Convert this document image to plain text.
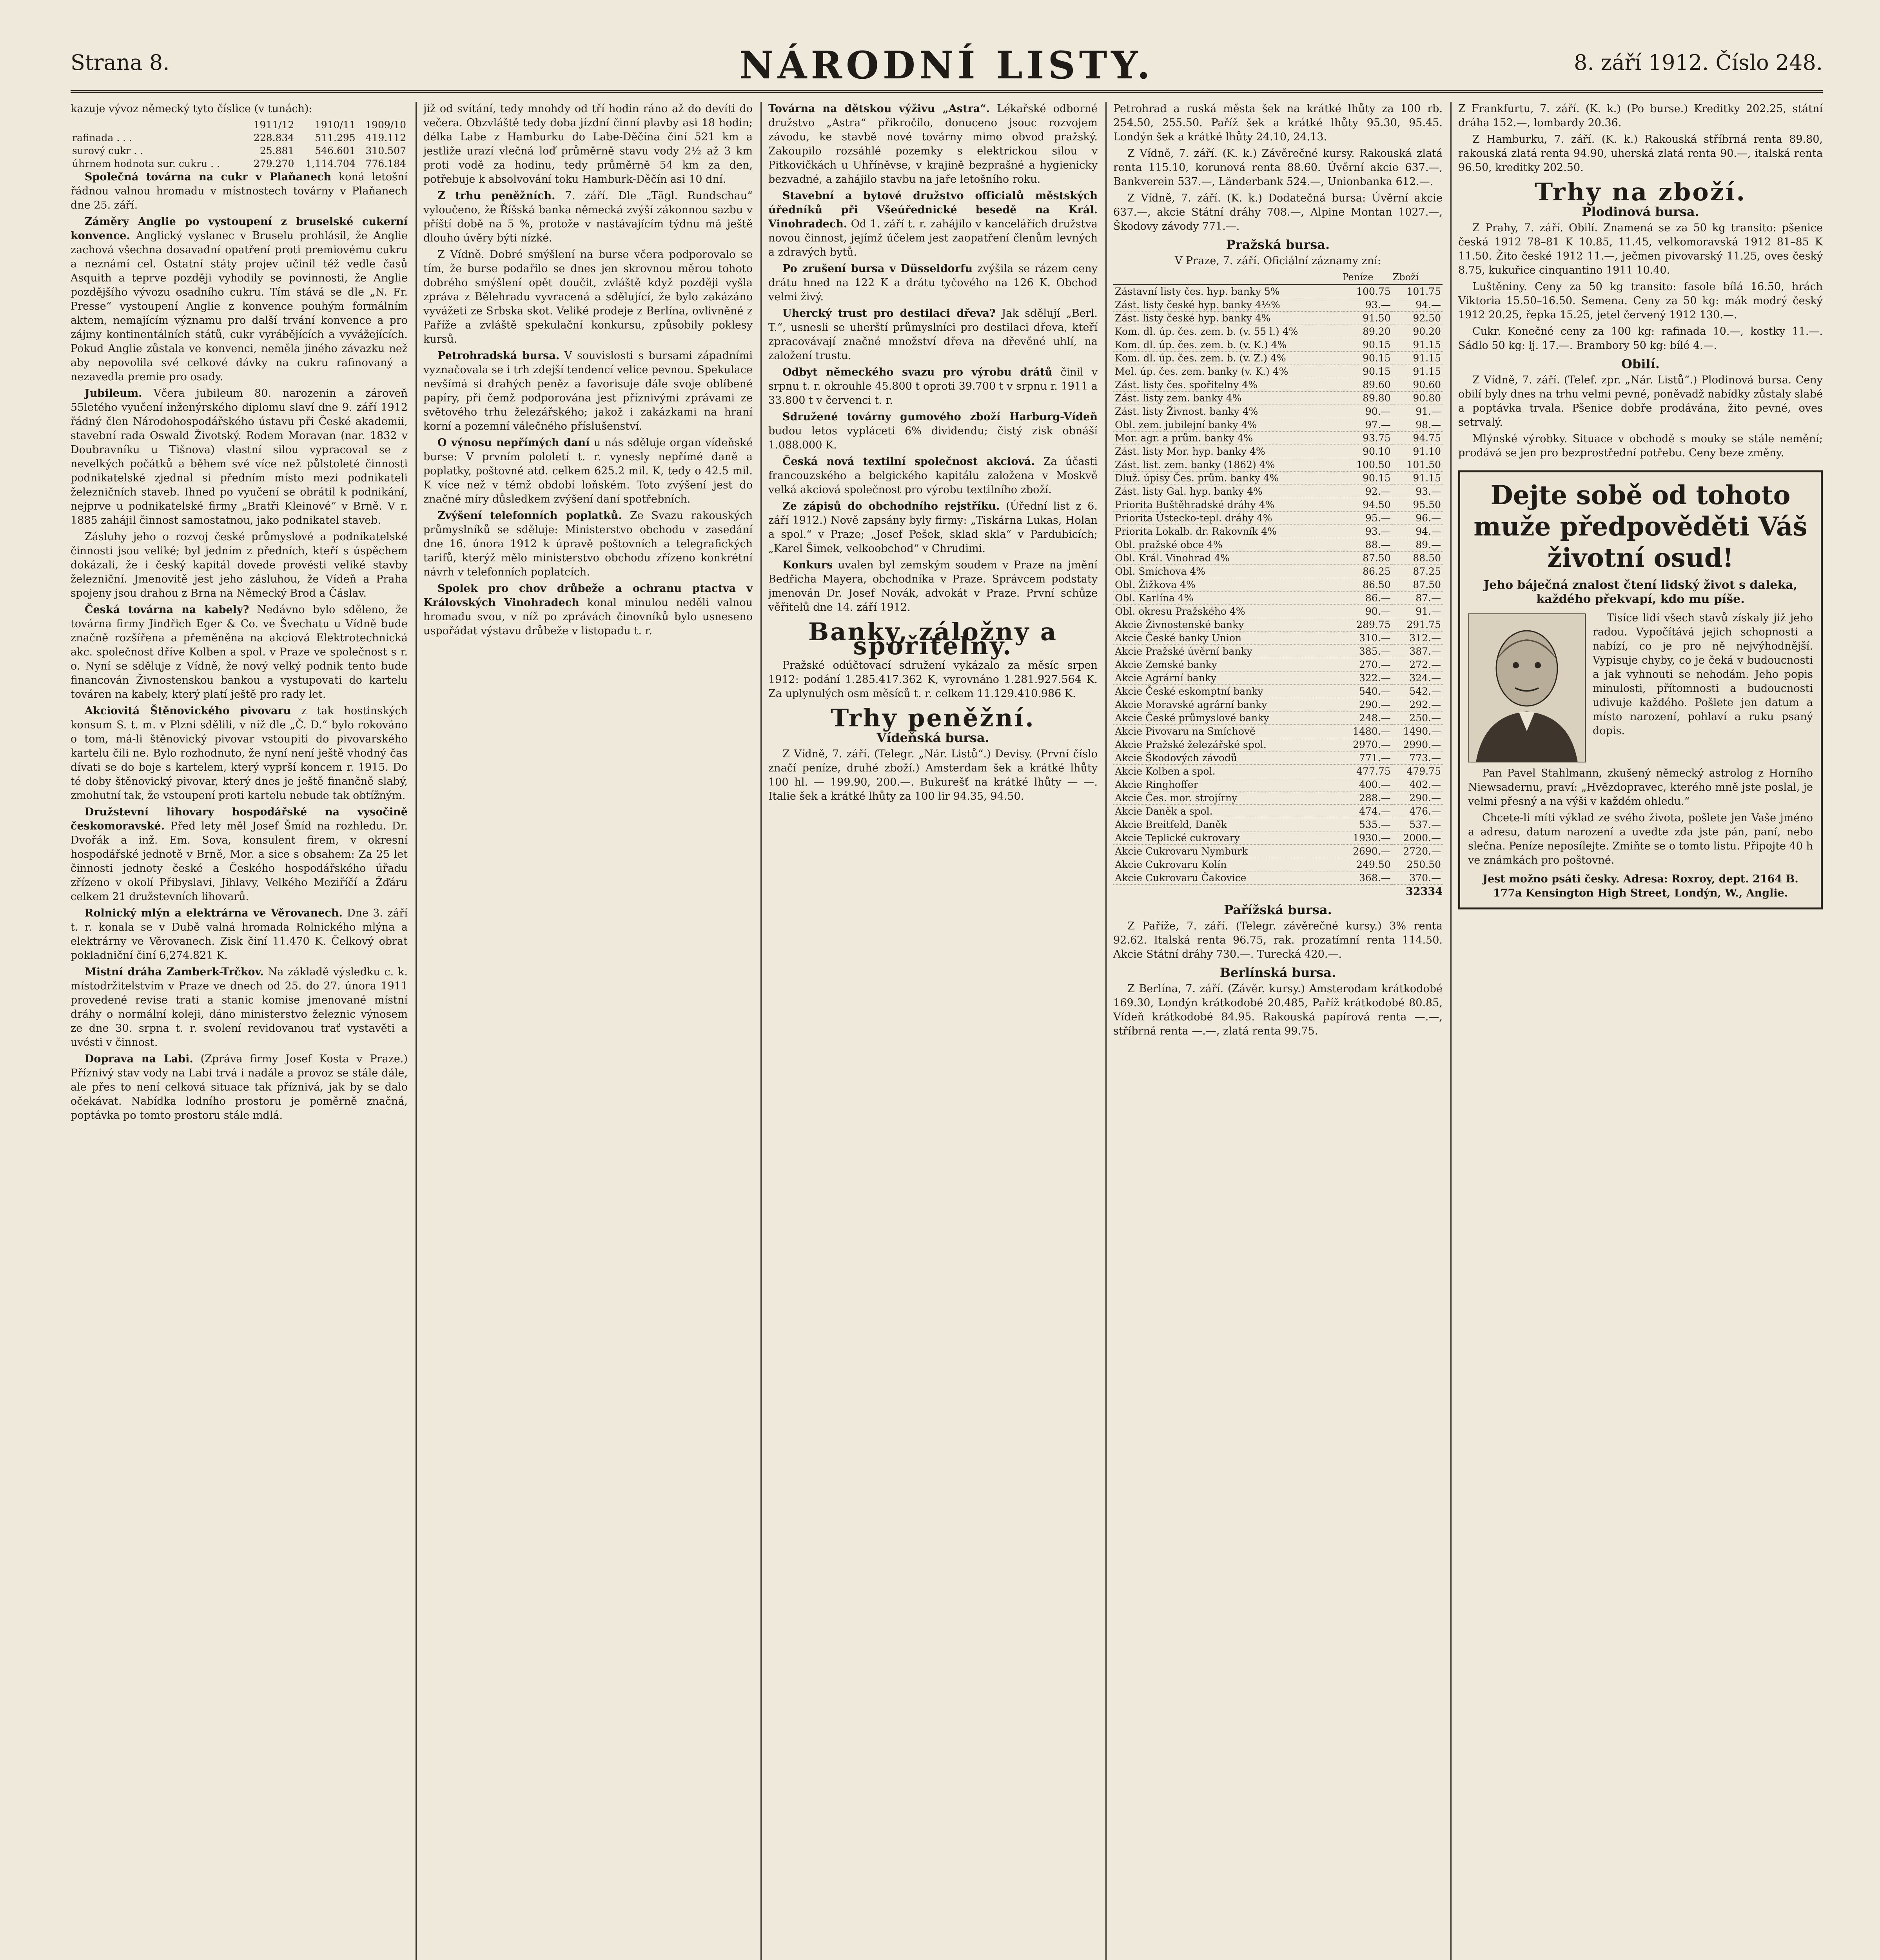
Strana 8.	NÁRODNÍ LISTY.	8. září 1912. Číslo 248.

kazuje vývoz německý tyto číslice (v tunách):

	1911/12	1910/11	1909/10
rafinada . . .	228.834	511.295	419.112
surový cukr . .	25.881	546.601	310.507
úhrnem hodnota sur. cukru . .	279.270	1,114.704	776.184

Společná továrna na cukr v Plaňanech koná letošní řádnou valnou hromadu v místnostech továrny v Plaňanech dne 25. září.

Záměry Anglie po vystoupení z bruselské cukerní konvence. Anglický vyslanec v Bruselu prohlásil, že Anglie zachová všechna dosavadní opatření proti premiovému cukru a neznámí cel. Ostatní státy projev učinil též vedle časů Asquith a teprve později vyhodily se povinnosti, že Anglie pozdějšího vývozu osadního cukru. Tím stává se dle „N. Fr. Presse“ vystoupení Anglie z konvence pouhým formálním aktem, nemajícím významu pro další trvání konvence a pro zájmy kontinentálních států, cukr vyrábějících a vyvážejících. Pokud Anglie zůstala ve konvenci, neměla jiného závazku než aby nepovolila své celkové dávky na cukru rafinovaný a nezavedla premie pro osady.

Jubileum. Včera jubileum 80. narozenin a zároveň 55letého vyučení inženýrského diplomu slaví dne 9. září 1912 řádný člen Národohospodářského ústavu při České akademii, stavební rada Oswald Životský. Rodem Moravan (nar. 1832 v Doubravníku u Tišnova) vlastní silou vypracoval se z nevelkých počátků a během své více než půlstoleté činnosti podnikatelské zjednal si předním místo mezi podnikateli železničních staveb. Ihned po vyučení se obrátil k podnikání, nejprve u podnikatelské firmy „Bratři Kleinové“ v Brně. V r. 1885 zahájil činnost samostatnou, jako podnikatel staveb.

Zásluhy jeho o rozvoj české průmyslové a podnikatelské činnosti jsou veliké; byl jedním z předních, kteří s úspěchem dokázali, že i český kapitál dovede provésti veliké stavby železniční. Jmenovitě jest jeho zásluhou, že Vídeň a Praha spojeny jsou drahou z Brna na Německý Brod a Čáslav.

Česká továrna na kabely? Nedávno bylo sděleno, že továrna firmy Jindřich Eger & Co. ve Švechatu u Vídně bude značně rozšířena a přeměněna na akciová Elektrotechnická akc. společnost dříve Kolben a spol. v Praze ve společnost s r. o. Nyní se sděluje z Vídně, že nový velký podnik tento bude financován Živnostenskou bankou a vystupovati do kartelu továren na kabely, který platí ještě pro rady let.

Akciovitá Štěnovického pivovaru z tak hostinských konsum S. t. m. v Plzni sdělili, v níž dle „Č. D.“ bylo rokováno o tom, má-li štěnovický pivovar vstoupiti do pivovarského kartelu čili ne. Bylo rozhodnuto, že nyní není ještě vhodný čas dívati se do boje s kartelem, který vyprší koncem r. 1915. Do té doby štěnovický pivovar, který dnes je ještě finančně slabý, zmohutní tak, že vstoupení proti kartelu nebude tak obtížným.

Družstevní lihovary hospodářské na vysočině českomoravské. Před lety měl Josef Šmíd na rozhledu. Dr. Dvořák a inž. Em. Sova, konsulent firem, v okresní hospodářské jednotě v Brně, Mor. a sice s obsahem: Za 25 let činnosti jednoty české a Českého hospodářského úřadu zřízeno v okolí Přibyslavi, Jihlavy, Velkého Meziříčí a Žďáru celkem 21 družstevních lihovarů.

Rolnický mlýn a elektrárna ve Věrovanech. Dne 3. září t. r. konala se v Dubě valná hromada Rolnického mlýna a elektrárny ve Věrovanech. Zisk činí 11.470 K. Čelkový obrat pokladniční činí 6,274.821 K.

Mistní dráha Zamberk-Trčkov. Na základě výsledku c. k. místodržitelstvím v Praze ve dnech od 25. do 27. února 1911 provedené revise trati a stanic komise jmenované místní dráhy o normální koleji, dáno ministerstvo železnic výnosem ze dne 30. srpna t. r. svolení revidovanou trať vystavěti a uvésti v činnost.

Doprava na Labi. (Zpráva firmy Josef Kosta v Praze.) Příznivý stav vody na Labi trvá i nadále a provoz se stále dále, ale přes to není celková situace tak příznivá, jak by se dalo očekávat. Nabídka lodního prostoru je poměrně značná, poptávka po tomto prostoru stále mdlá.

již od svítání, tedy mnohdy od tří hodin ráno až do devíti do večera. Obzvláště tedy doba jízdní činní plavby asi 18 hodin; délka Labe z Hamburku do Labe-Děčína činí 521 km a jestliže urazí vlečná loď průměrně stavu vody 2½ až 3 km proti vodě za hodinu, tedy průměrně 54 km za den, potřebuje k absolvování toku Hamburk-Děčín asi 10 dní.

Z trhu peněžních. 7. září. Dle „Tägl. Rundschau“ vyloučeno, že Říšská banka německá zvýší zákonnou sazbu v příští době na 5 %, protože v nastávajícím týdnu má ještě dlouho úvěry býti nízké.

Z Vídně. Dobré smýšlení na burse včera podporovalo se tím, že burse podařilo se dnes jen skrovnou měrou tohoto dobrého smýšlení opět doučit, zvláště když později vyšla zpráva z Bělehradu vyvracená a sdělující, že bylo zakázáno vyvážeti ze Srbska skot. Veliké prodeje z Berlína, ovlivněné z Paříže a zvláště spekulační konkursu, způsobily poklesy kursů.

Petrohradská bursa. V souvislosti s bursami západními vyznačovala se i trh zdejší tendencí velice pevnou. Spekulace nevšímá si drahých peněz a favorisuje dále svoje oblíbené papíry, při čemž podporována jest příznivými zprávami ze světového trhu železářského; jakož i zakázkami na hraní korní a pozemní válečného příslušenství.

O výnosu nepřímých daní u nás sděluje organ vídeňské burse: V prvním pololetí t. r. vynesly nepřímé daně a poplatky, poštovné atd. celkem 625.2 mil. K, tedy o 42.5 mil. K více než v témž období loňském. Toto zvýšení jest do značné míry důsledkem zvýšení daní spotřebních.

Zvýšení telefonních poplatků. Ze Svazu rakouských průmyslníků se sděluje: Ministerstvo obchodu v zasedání dne 16. února 1912 k úpravě poštovních a telegrafických tarifů, kterýž mělo ministerstvo obchodu zřízeno konkrétní návrh v telefonních poplatcích.

Spolek pro chov drůbeže a ochranu ptactva v Královských Vinohradech konal minulou neděli valnou hromadu svou, v níž po zprávách činovníků bylo usneseno uspořádat výstavu drůbeže v listopadu t. r.

Továrna na dětskou výživu „Astra“. Lékařské odborné družstvo „Astra“ přikročilo, donuceno jsouc rozvojem závodu, ke stavbě nové továrny mimo obvod pražský. Zakoupilo rozsáhlé pozemky s elektrickou silou v Pitkovičkách u Uhříněvse, v krajině bezprašné a hygienicky bezvadné, a zahájilo stavbu na jaře letošního roku.

Stavební a bytové družstvo officialů městských úředníků při Všeúřednické besedě na Král. Vinohradech. Od 1. září t. r. zahájilo v kancelářích družstva novou činnost, jejímž účelem jest zaopatření členům levných a zdravých bytů.

Po zrušení bursa v Düsseldorfu zvýšila se rázem ceny drátu hned na 122 K a drátu tyčového na 126 K. Obchod velmi živý.

Uhercký trust pro destilaci dřeva? Jak sdělují „Berl. T.“, usnesli se uherští průmyslníci pro destilaci dřeva, kteří zpracovávají značné množství dřeva na dřevěné uhlí, na založení trustu.

Odbyt německého svazu pro výrobu drátů činil v srpnu t. r. okrouhle 45.800 t oproti 39.700 t v srpnu r. 1911 a 33.800 t v červenci t. r.

Sdružené továrny gumového zboží Harburg-Vídeň budou letos vypláceti 6% dividendu; čistý zisk obnáší 1.088.000 K.

Česká nová textilní společnost akciová. Za účasti francouzského a belgického kapitálu založena v Moskvě velká akciová společnost pro výrobu textilního zboží.

Ze zápisů do obchodního rejstříku. (Úřední list z 6. září 1912.) Nově zapsány byly firmy: „Tiskárna Lukas, Holan a spol.“ v Praze; „Josef Pešek, sklad skla“ v Pardubicích; „Karel Šimek, velkoobchod“ v Chrudimi.

Konkurs uvalen byl zemským soudem v Praze na jmění Bedřicha Mayera, obchodníka v Praze. Správcem podstaty jmenován Dr. Josef Novák, advokát v Praze. První schůze věřitelů dne 14. září 1912.

Banky, záložny a spořitelny.

Pražské odúčtovací sdružení vykázalo za měsíc srpen 1912: podání 1.285.417.362 K, vyrovnáno 1.281.927.564 K. Za uplynulých osm měsíců t. r. celkem 11.129.410.986 K.

Trhy peněžní.
Vídeňská bursa.

Z Vídně, 7. září. (Telegr. „Nár. Listů“.) Devisy. (První číslo značí peníze, druhé zboží.) Amsterdam šek a krátké lhůty 100 hl. — 199.90, 200.—. Bukurešť na krátké lhůty — —. Italie šek a krátké lhůty za 100 lir 94.35, 94.50.

Petrohrad a ruská města šek na krátké lhůty za 100 rb. 254.50, 255.50. Paříž šek a krátké lhůty 95.30, 95.45. Londýn šek a krátké lhůty 24.10, 24.13.

Z Vídně, 7. září. (K. k.) Závěrečné kursy. Rakouská zlatá renta 115.10, korunová renta 88.60. Úvěrní akcie 637.—, Bankverein 537.—, Länderbank 524.—, Unionbanka 612.—.

Z Vídně, 7. září. (K. k.) Dodatečná bursa: Úvěrní akcie 637.—, akcie Státní dráhy 708.—, Alpine Montan 1027.—, Škodovy závody 771.—.

Pražská bursa.

V Praze, 7. září. Oficiální záznamy zní:

	Peníze	Zboží
Zástavní listy čes. hyp. banky 5%	100.75	101.75
Zást. listy české hyp. banky 4½%	93.—	94.—
Zást. listy české hyp. banky 4%	91.50	92.50
Kom. dl. úp. čes. zem. b. (v. 55 l.) 4%	89.20	90.20
Kom. dl. úp. čes. zem. b. (v. K.) 4%	90.15	91.15
Kom. dl. úp. čes. zem. b. (v. Z.) 4%	90.15	91.15
Mel. úp. čes. zem. banky (v. K.) 4%	90.15	91.15
Zást. listy čes. spořitelny 4%	89.60	90.60
Zást. listy zem. banky 4%	89.80	90.80
Zást. listy Živnost. banky 4%	90.—	91.—
Obl. zem. jubilejní banky 4%	97.—	98.—
Mor. agr. a prům. banky 4%	93.75	94.75
Zást. listy Mor. hyp. banky 4%	90.10	91.10
Zást. list. zem. banky (1862) 4%	100.50	101.50
Dluž. úpisy Čes. prům. banky 4%	90.15	91.15
Zást. listy Gal. hyp. banky 4%	92.—	93.—
Priorita Buštěhradské dráhy 4%	94.50	95.50
Priorita Ústecko-tepl. dráhy 4%	95.—	96.—
Priorita Lokalb. dr. Rakovník 4%	93.—	94.—
Obl. pražské obce 4%	88.—	89.—
Obl. Král. Vinohrad 4%	87.50	88.50
Obl. Smíchova 4%	86.25	87.25
Obl. Žižkova 4%	86.50	87.50
Obl. Karlína 4%	86.—	87.—
Obl. okresu Pražského 4%	90.—	91.—
Akcie Živnostenské banky	289.75	291.75
Akcie České banky Union	310.—	312.—
Akcie Pražské úvěrní banky	385.—	387.—
Akcie Zemské banky	270.—	272.—
Akcie Agrární banky	322.—	324.—
Akcie České eskomptní banky	540.—	542.—
Akcie Moravské agrární banky	290.—	292.—
Akcie České průmyslové banky	248.—	250.—
Akcie Pivovaru na Smíchově	1480.—	1490.—
Akcie Pražské železářské spol.	2970.—	2990.—
Akcie Škodových závodů	771.—	773.—
Akcie Kolben a spol.	477.75	479.75
Akcie Ringhoffer	400.—	402.—
Akcie Čes. mor. strojírny	288.—	290.—
Akcie Daněk a spol.	474.—	476.—
Akcie Breitfeld, Daněk	535.—	537.—
Akcie Teplické cukrovary	1930.—	2000.—
Akcie Cukrovaru Nymburk	2690.—	2720.—
Akcie Cukrovaru Kolín	249.50	250.50
Akcie Cukrovaru Čakovice	368.—	370.—

32334

Pařížská bursa.

Z Paříže, 7. září. (Telegr. závěrečné kursy.) 3% renta 92.62. Italská renta 96.75, rak. prozatímní renta 114.50. Akcie Státní dráhy 730.—. Turecká 420.—.

Berlínská bursa.

Z Berlína, 7. září. (Závěr. kursy.) Amsterodam krátkodobé 169.30, Londýn krátkodobé 20.485, Paříž krátkodobé 80.85, Vídeň krátkodobé 84.95. Rakouská papírová renta —.—, stříbrná renta —.—, zlatá renta 99.75.

Z Frankfurtu, 7. září. (K. k.) (Po burse.) Kreditky 202.25, státní dráha 152.—, lombardy 20.36.

Z Hamburku, 7. září. (K. k.) Rakouská stříbrná renta 89.80, rakouská zlatá renta 94.90, uherská zlatá renta 90.—, italská renta 96.50, kreditky 202.50.

Trhy na zboží.
Plodinová bursa.

Z Prahy, 7. září. Obilí. Znamená se za 50 kg transito: pšenice česká 1912 78–81 K 10.85, 11.45, velkomoravská 1912 81–85 K 11.50. Žito české 1912 11.—, ječmen pivovarský 11.25, oves český 8.75, kukuřice cinquantino 1911 10.40.

Luštěniny. Ceny za 50 kg transito: fasole bílá 16.50, hrách Viktoria 15.50–16.50. Semena. Ceny za 50 kg: mák modrý český 1912 20.25, řepka 15.25, jetel červený 1912 130.—.

Cukr. Konečné ceny za 100 kg: rafinada 10.—, kostky 11.—. Sádlo 50 kg: lj. 17.—. Brambory 50 kg: bílé 4.—.

Obilí.

Z Vídně, 7. září. (Telef. zpr. „Nár. Listů“.) Plodinová bursa. Ceny obilí byly dnes na trhu velmi pevné, poněvadž nabídky zůstaly slabé a poptávka trvala. Pšenice dobře prodávána, žito pevné, oves setrvalý.

Mlýnské výrobky. Situace v obchodě s mouky se stále nemění; prodává se jen pro bezprostřední potřebu. Ceny beze změny.

Dejte sobě od tohoto muže předpověděti Váš životní osud!
Jeho báječná znalost čtení lidský život s daleka, každého překvapí, kdo mu píše.

Tisíce lidí všech stavů získaly již jeho radou. Vypočítává jejich schopnosti a nabízí, co je pro ně nejvýhodnější. Vypisuje chyby, co je čeká v budoucnosti a jak vyhnouti se nehodám. Jeho popis minulosti, přítomnosti a budoucnosti udivuje každého. Pošlete jen datum a místo narození, pohlaví a ruku psaný dopis.

Pan Pavel Stahlmann, zkušený německý astrolog z Horního Niewsadernu, praví: „Hvězdopravec, kterého mně jste poslal, je velmi přesný a na výši v každém ohledu.“

Chcete-li míti výklad ze svého života, pošlete jen Vaše jméno a adresu, datum narození a uvedte zda jste pán, paní, nebo slečna. Peníze neposílejte. Zmiňte se o tomto listu. Připojte 40 h ve známkách pro poštovné.

Jest možno psáti česky. Adresa: Roxroy, dept. 2164 B. 177a Kensington High Street, Londýn, W., Anglie.
